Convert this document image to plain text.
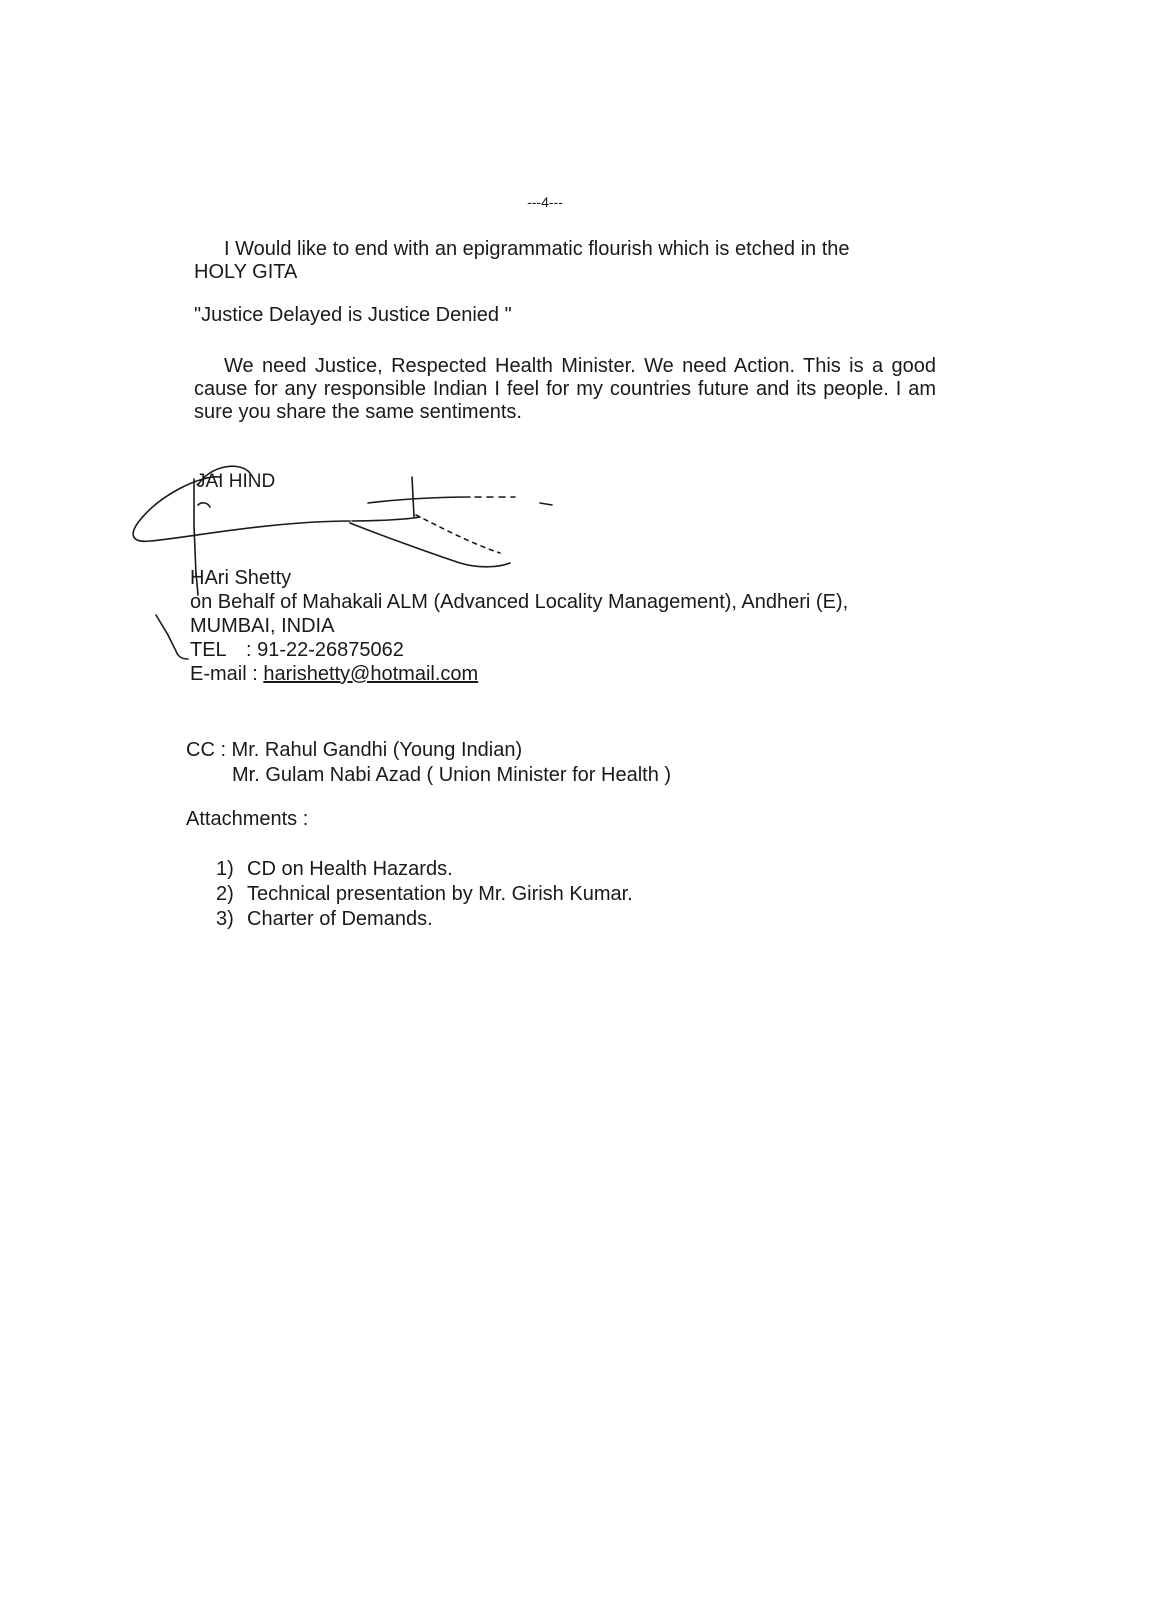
---4---

I Would like to end with an epigrammatic flourish which is etched in the
HOLY GITA

"Justice Delayed is Justice Denied "

We need Justice, Respected Health Minister. We need Action. This is a good cause for any responsible Indian I feel for my countries future and its people. I am sure you share the same sentiments.

JAI HIND
HAri Shetty
on Behalf of Mahakali ALM (Advanced Locality Management), Andheri (E),
MUMBAI, INDIA
TEL : 91-22-26875062
E-mail : harishetty@hotmail.com
CC : Mr. Rahul Gandhi (Young Indian)
Mr. Gulam Nabi Azad ( Union Minister for Health )
Attachments :
1) CD on Health Hazards.
2) Technical presentation by Mr. Girish Kumar.
3) Charter of Demands.
